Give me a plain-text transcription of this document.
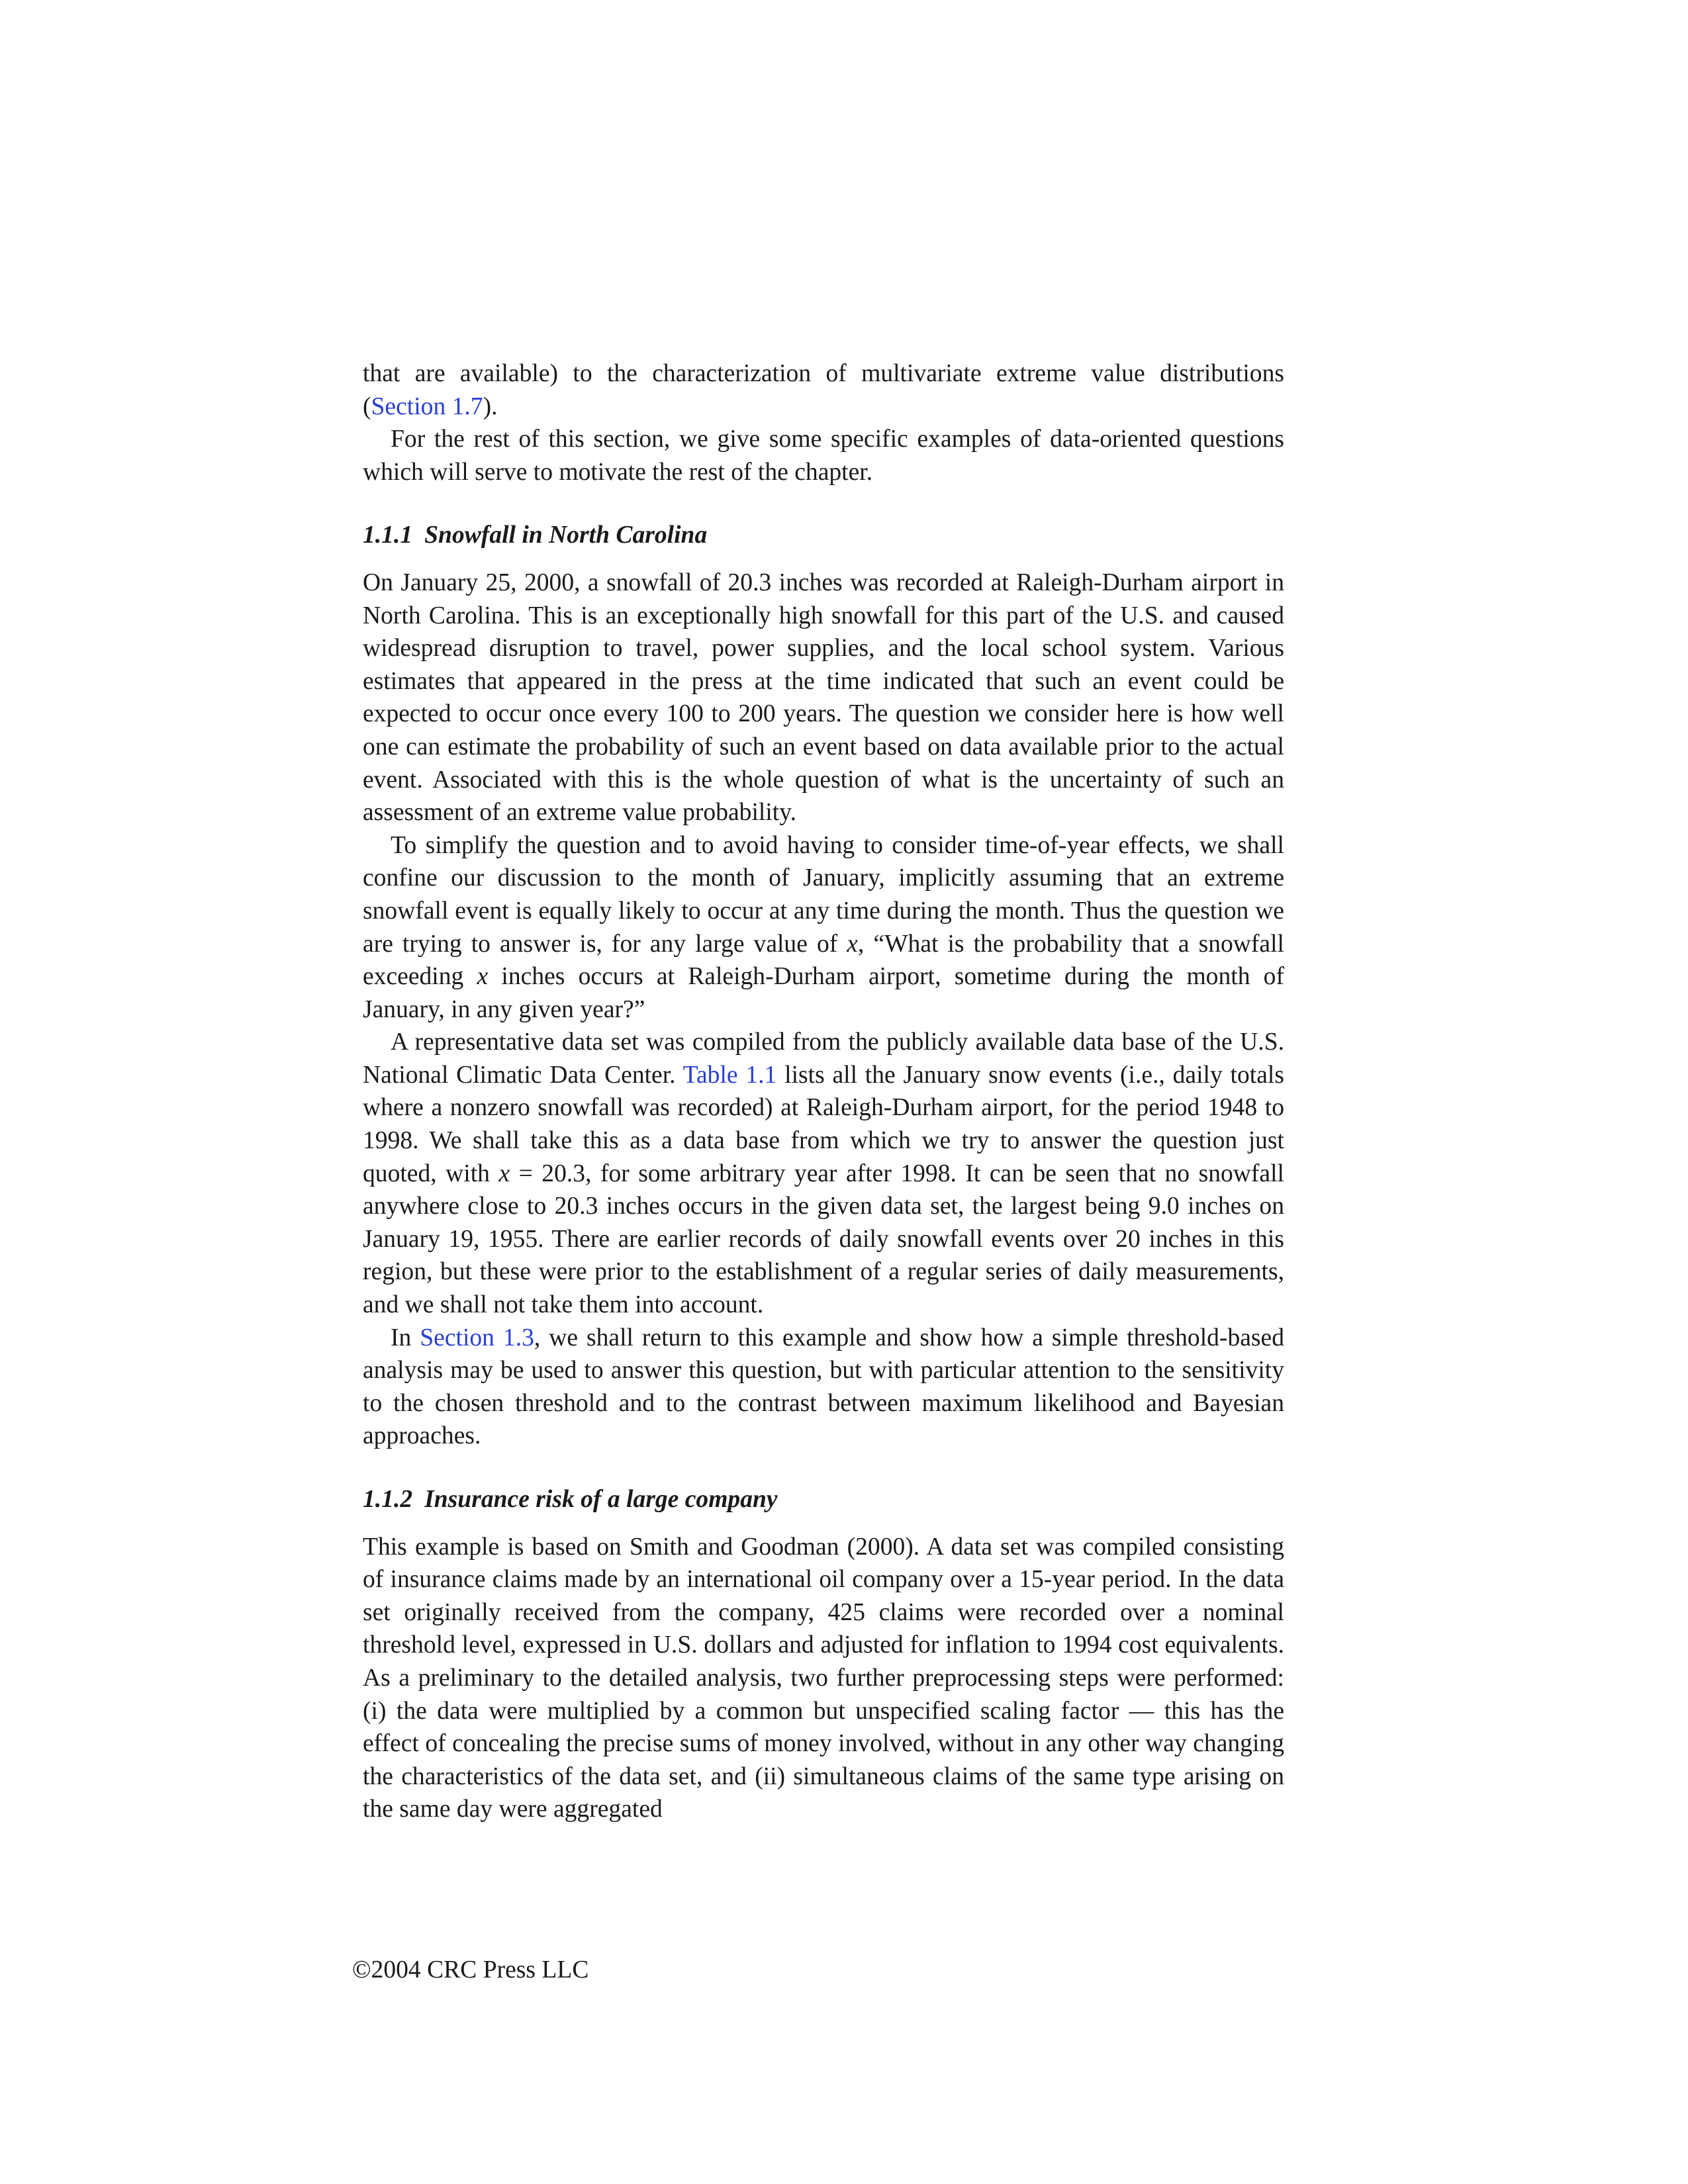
that are available) to the characterization of multivariate extreme value distributions (Section 1.7).

For the rest of this section, we give some specific examples of data-oriented questions which will serve to motivate the rest of the chapter.

1.1.1 Snowfall in North Carolina

On January 25, 2000, a snowfall of 20.3 inches was recorded at Raleigh-Durham airport in North Carolina. This is an exceptionally high snowfall for this part of the U.S. and caused widespread disruption to travel, power supplies, and the local school system. Various estimates that appeared in the press at the time indicated that such an event could be expected to occur once every 100 to 200 years. The question we consider here is how well one can estimate the probability of such an event based on data available prior to the actual event. Associated with this is the whole question of what is the uncertainty of such an assessment of an extreme value probability.

To simplify the question and to avoid having to consider time-of-year effects, we shall confine our discussion to the month of January, implicitly assuming that an extreme snowfall event is equally likely to occur at any time during the month. Thus the question we are trying to answer is, for any large value of x, “What is the probability that a snowfall exceeding x inches occurs at Raleigh-Durham airport, sometime during the month of January, in any given year?”

A representative data set was compiled from the publicly available data base of the U.S. National Climatic Data Center. Table 1.1 lists all the January snow events (i.e., daily totals where a nonzero snowfall was recorded) at Raleigh-Durham airport, for the period 1948 to 1998. We shall take this as a data base from which we try to answer the question just quoted, with x = 20.3, for some arbitrary year after 1998. It can be seen that no snowfall anywhere close to 20.3 inches occurs in the given data set, the largest being 9.0 inches on January 19, 1955. There are earlier records of daily snowfall events over 20 inches in this region, but these were prior to the establishment of a regular series of daily measurements, and we shall not take them into account.

In Section 1.3, we shall return to this example and show how a simple threshold-based analysis may be used to answer this question, but with particular attention to the sensitivity to the chosen threshold and to the contrast between maximum likelihood and Bayesian approaches.

1.1.2 Insurance risk of a large company

This example is based on Smith and Goodman (2000). A data set was compiled consisting of insurance claims made by an international oil company over a 15-year period. In the data set originally received from the company, 425 claims were recorded over a nominal threshold level, expressed in U.S. dollars and adjusted for inflation to 1994 cost equivalents. As a preliminary to the detailed analysis, two further preprocessing steps were performed: (i) the data were multiplied by a common but unspecified scaling factor — this has the effect of concealing the precise sums of money involved, without in any other way changing the characteristics of the data set, and (ii) simultaneous claims of the same type arising on the same day were aggregated

©2004 CRC Press LLC
